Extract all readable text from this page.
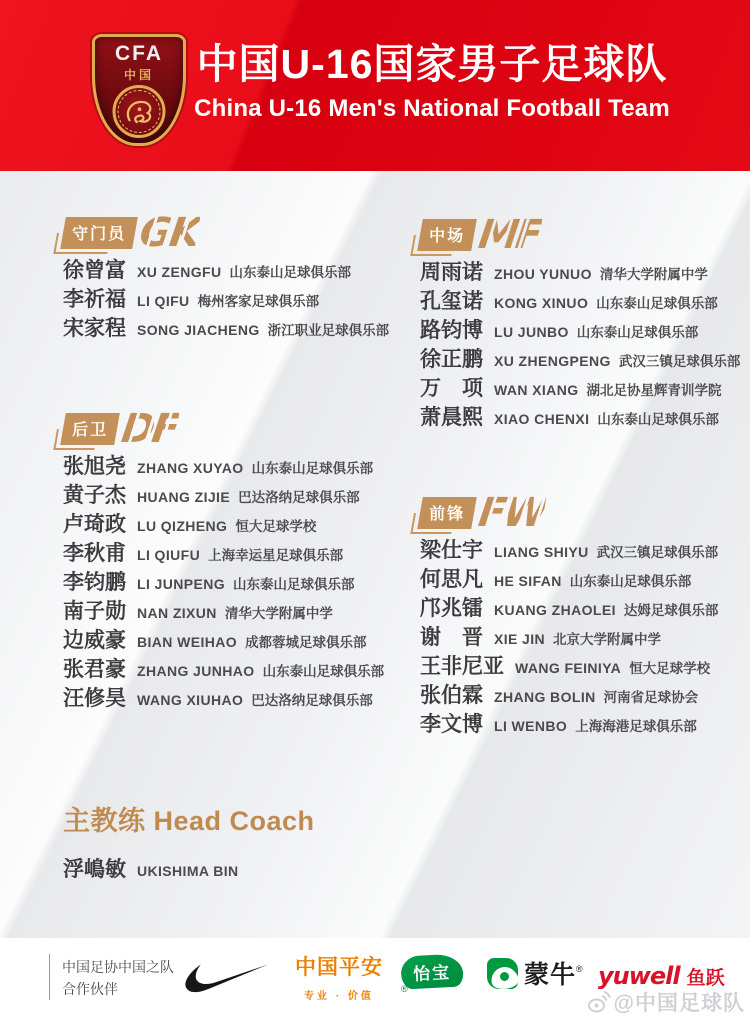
CFA
中国	中国U-16国家男子足球队
China U-16 Men's National Football Team
守门员 GK
徐曾富 XU ZENGFU 山东泰山足球俱乐部
李祈福 LI QIFU 梅州客家足球俱乐部
宋家程 SONG JIACHENG 浙江职业足球俱乐部
中场 MF
周雨诺 ZHOU YUNUO 清华大学附属中学
孔玺诺 KONG XINUO 山东泰山足球俱乐部
路钧博 LU JUNBO 山东泰山足球俱乐部
徐正鹏 XU ZHENGPENG 武汉三镇足球俱乐部
万　项 WAN XIANG 湖北足协星辉青训学院
萧晨熙 XIAO CHENXI 山东泰山足球俱乐部
后卫 DF
张旭尧 ZHANG XUYAO 山东泰山足球俱乐部
黄子杰 HUANG ZIJIE 巴达洛纳足球俱乐部
卢琦政 LU QIZHENG 恒大足球学校
李秋甫 LI QIUFU 上海幸运星足球俱乐部
李钧鹏 LI JUNPENG 山东泰山足球俱乐部
南子勋 NAN ZIXUN 清华大学附属中学
边威豪 BIAN WEIHAO 成都蓉城足球俱乐部
张君豪 ZHANG JUNHAO 山东泰山足球俱乐部
汪修昊 WANG XIUHAO 巴达洛纳足球俱乐部
前锋 FW
梁仕宇 LIANG SHIYU 武汉三镇足球俱乐部
何思凡 HE SIFAN 山东泰山足球俱乐部
邝兆镭 KUANG ZHAOLEI 达姆足球俱乐部
谢　晋 XIE JIN 北京大学附属中学
王非尼亚 WANG FEINIYA 恒大足球学校
张伯霖 ZHANG BOLIN 河南省足球协会
李文博 LI WENBO 上海海港足球俱乐部
主教练 Head Coach
浮嶋敏 UKISHIMA BIN
中国足协中国之队
合作伙伴
中国平安
专业 · 价值
怡宝
®	蒙牛 ® yuwell 鱼跃
@中国足球队
